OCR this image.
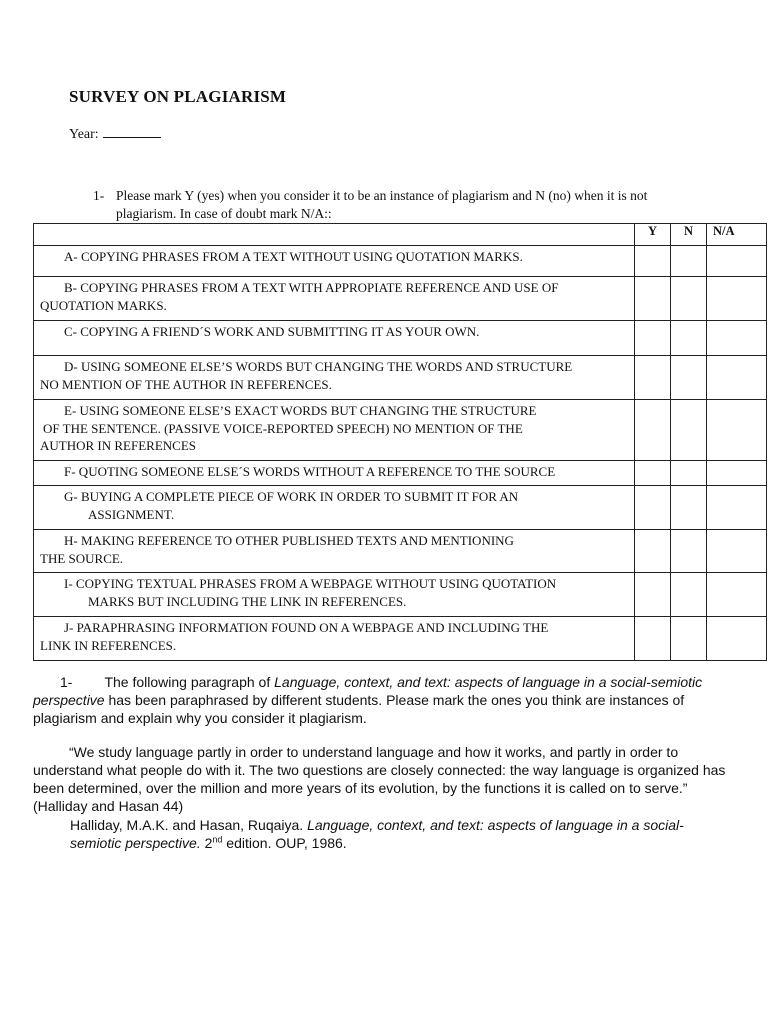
SURVEY ON PLAGIARISM
Year:
1- Please mark Y (yes) when you consider it to be an instance of plagiarism and N (no) when it is not
plagiarism. In case of doubt mark N/A::
	Y	N	N/A

A- COPYING PHRASES FROM A TEXT WITHOUT USING QUOTATION MARKS.			

B- COPYING PHRASES FROM A TEXT WITH APPROPIATE REFERENCE AND USE OF
QUOTATION MARKS.			

C- COPYING A FRIEND´S WORK AND SUBMITTING IT AS YOUR OWN.			

D- USING SOMEONE ELSE’S WORDS BUT CHANGING THE WORDS AND STRUCTURE
NO MENTION OF THE AUTHOR IN REFERENCES.			

E- USING SOMEONE ELSE’S EXACT WORDS BUT CHANGING THE STRUCTURE
OF THE SENTENCE. (PASSIVE VOICE-REPORTED SPEECH) NO MENTION OF THE
AUTHOR IN REFERENCES			

F- QUOTING SOMEONE ELSE´S WORDS WITHOUT A REFERENCE TO THE SOURCE			

G- BUYING A COMPLETE PIECE OF WORK IN ORDER TO SUBMIT IT FOR AN
ASSIGNMENT.			

H- MAKING REFERENCE TO OTHER PUBLISHED TEXTS AND MENTIONING
THE SOURCE.			

I- COPYING TEXTUAL PHRASES FROM A WEBPAGE WITHOUT USING QUOTATION
MARKS BUT INCLUDING THE LINK IN REFERENCES.			

J- PARAPHRASING INFORMATION FOUND ON A WEBPAGE AND INCLUDING THE
LINK IN REFERENCES.			

1- The following paragraph of Language, context, and text: aspects of language in a social-semiotic perspective has been paraphrased by different students. Please mark the ones you think are instances of plagiarism and explain why you consider it plagiarism.
“We study language partly in order to understand language and how it works, and partly in order to understand what people do with it. The two questions are closely connected: the way language is organized has been determined, over the million and more years of its evolution, by the functions it is called on to serve.” (Halliday and Hasan 44)
Halliday, M.A.K. and Hasan, Ruqaiya. Language, context, and text: aspects of language in a social-semiotic perspective. 2nd edition. OUP, 1986.
